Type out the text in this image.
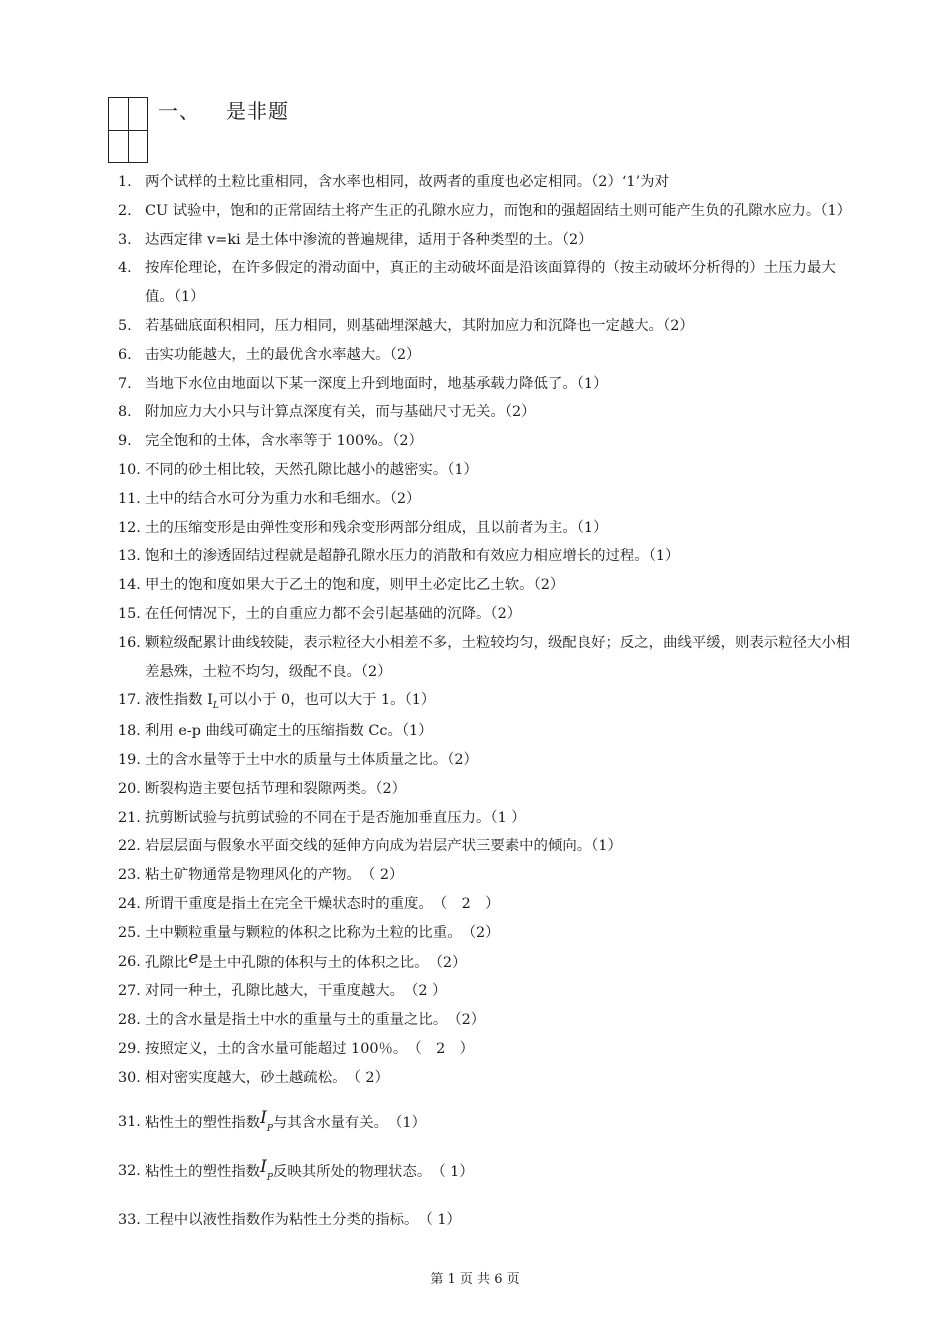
一、 是非题
1. 两个试样的土粒比重相同，含水率也相同，故两者的重度也必定相同。（2）‘1’为对
2. CU 试验中，饱和的正常固结土将产生正的孔隙水应力，而饱和的强超固结土则可能产生负的孔隙水应力。（1）
3. 达西定律 v=ki 是土体中渗流的普遍规律，适用于各种类型的土。（2）
4. 按库伦理论，在许多假定的滑动面中，真正的主动破坏面是沿该面算得的（按主动破坏分析得的）土压力最大值。（1）
5. 若基础底面积相同，压力相同，则基础埋深越大，其附加应力和沉降也一定越大。（2）
6. 击实功能越大，土的最优含水率越大。（2）
7. 当地下水位由地面以下某一深度上升到地面时，地基承载力降低了。（1）
8. 附加应力大小只与计算点深度有关，而与基础尺寸无关。（2）
9. 完全饱和的土体，含水率等于 100%。（2）
10. 不同的砂土相比较，天然孔隙比越小的越密实。（1）
11. 土中的结合水可分为重力水和毛细水。（2）
12. 土的压缩变形是由弹性变形和残余变形两部分组成，且以前者为主。（1）
13. 饱和土的渗透固结过程就是超静孔隙水压力的消散和有效应力相应增长的过程。（1）
14. 甲土的饱和度如果大于乙土的饱和度，则甲土必定比乙土软。（2）
15. 在任何情况下，土的自重应力都不会引起基础的沉降。（2）
16. 颗粒级配累计曲线较陡，表示粒径大小相差不多，土粒较均匀，级配良好；反之，曲线平缓，则表示粒径大小相差悬殊，土粒不均匀，级配不良。（2）
17. 液性指数 $I_L$可以小于 0，也可以大于 1。（1）
18. 利用 e-p 曲线可确定土的压缩指数 Cc。（1）
19. 土的含水量等于土中水的质量与土体质量之比。（2）
20. 断裂构造主要包括节理和裂隙两类。（2）
21. 抗剪断试验与抗剪试验的不同在于是否施加垂直压力。（1 ）
22. 岩层层面与假象水平面交线的延伸方向成为岩层产状三要素中的倾向。（1）
23. 粘土矿物通常是物理风化的产物。　（ 2）
24. 所谓干重度是指土在完全干燥状态时的重度。　（　2　）
25. 土中颗粒重量与颗粒的体积之比称为土粒的比重。　（2）
26. 孔隙比e是土中孔隙的体积与土的体积之比。　（2）
27. 对同一种土，孔隙比越大，干重度越大。　（2 ）
28. 土的含水量是指土中水的重量与土的重量之比。　（2）
29. 按照定义，土的含水量可能超过 100％。　（　2　）
30. 相对密实度越大，砂土越疏松。　（ 2）
31. 粘性土的塑性指数$I_P$与其含水量有关。　（1）
32. 粘性土的塑性指数$I_P$反映其所处的物理状态。　（ 1）
33. 工程中以液性指数作为粘性土分类的指标。　（ 1）
第 1 页 共 6 页
